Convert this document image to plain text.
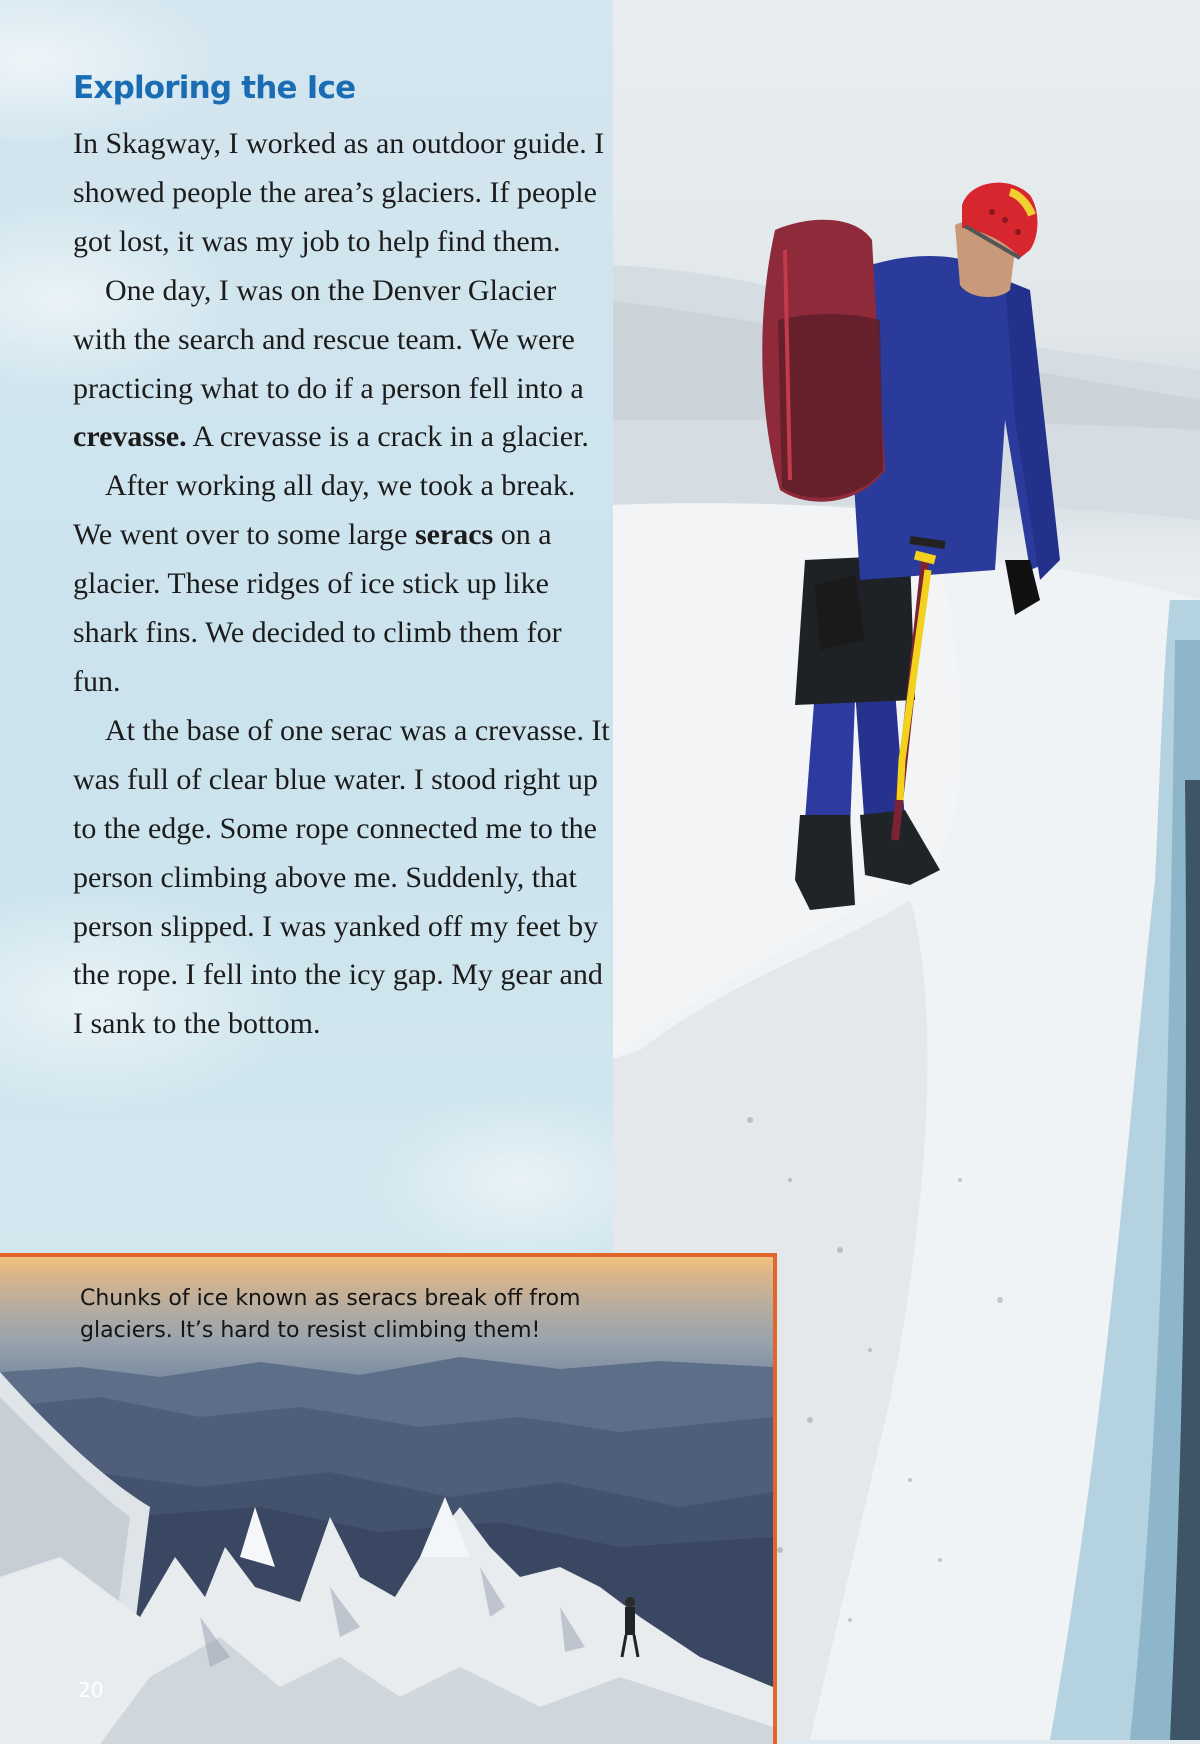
Exploring the Ice

In Skagway, I worked as an outdoor guide. I showed people the area’s glaciers. If people got lost, it was my job to help find them.

One day, I was on the Denver Glacier with the search and rescue team. We were practicing what to do if a person fell into a crevasse. A crevasse is a crack in a glacier.

After working all day, we took a break. We went over to some large seracs on a glacier. These ridges of ice stick up like shark fins. We decided to climb them for fun.

At the base of one serac was a crevasse. It was full of clear blue water. I stood right up to the edge. Some rope connected me to the person climbing above me. Suddenly, that person slipped. I was yanked off my feet by the rope. I fell into the icy gap. My gear and I sank to the bottom.

Chunks of ice known as seracs break off from glaciers. It’s hard to resist climbing them!

20
